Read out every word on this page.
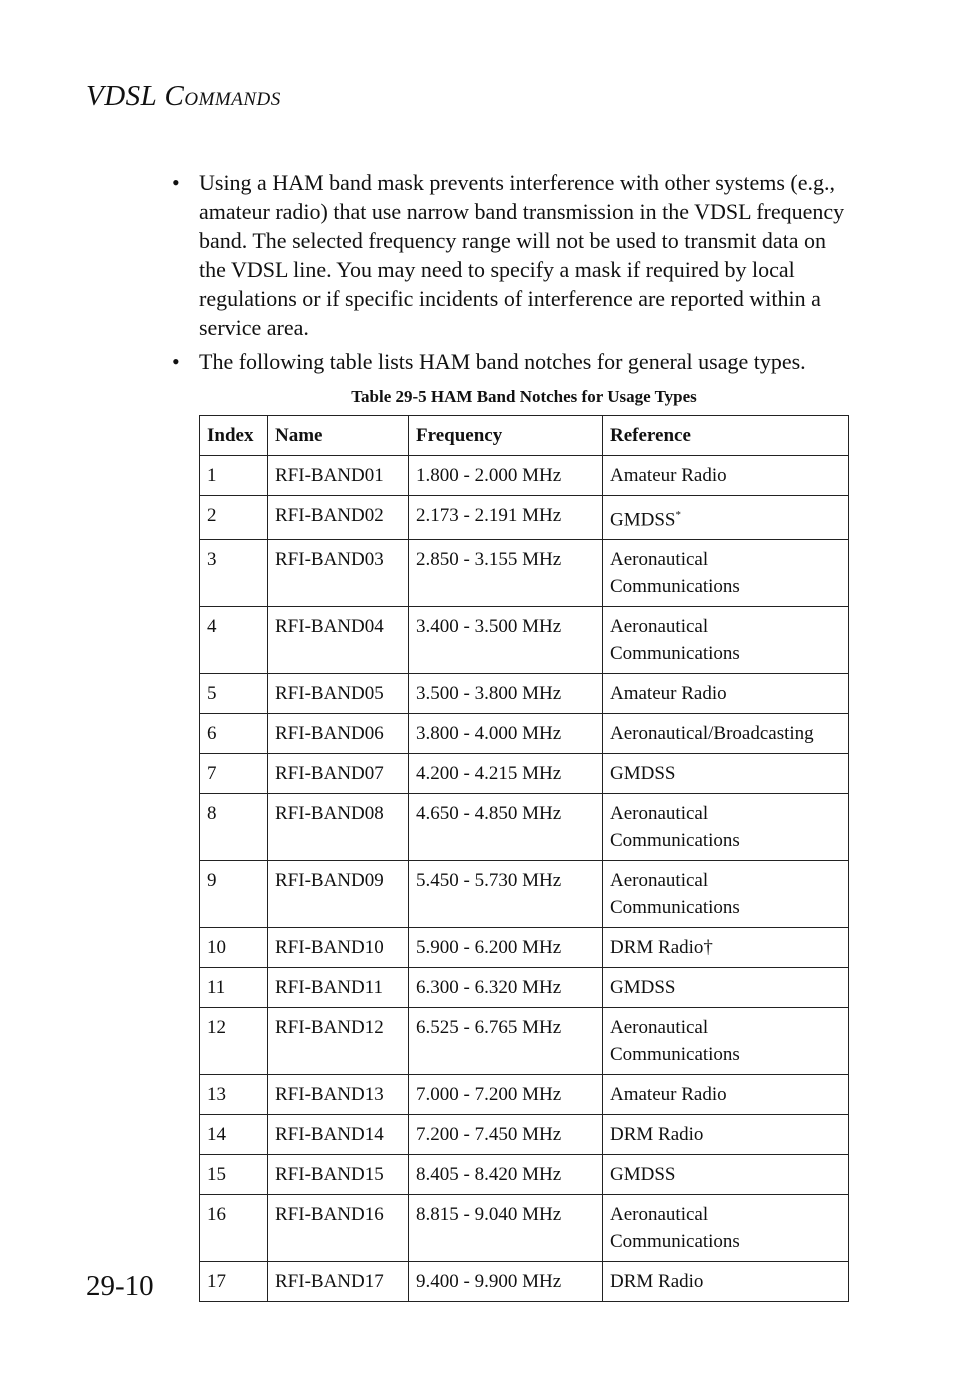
VDSL COMMANDS
• Using a HAM band mask prevents interference with other systems (e.g., amateur radio) that use narrow band transmission in the VDSL frequency band. The selected frequency range will not be used to transmit data on the VDSL line. You may need to specify a mask if required by local regulations or if specific incidents of interference are reported within a service area.
• The following table lists HAM band notches for general usage types.
Table 29-5 HAM Band Notches for Usage Types
Index	Name	Frequency	Reference
1	RFI-BAND01	1.800 - 2.000 MHz	Amateur Radio
2	RFI-BAND02	2.173 - 2.191 MHz	GMDSS*
3	RFI-BAND03	2.850 - 3.155 MHz	Aeronautical Communications
4	RFI-BAND04	3.400 - 3.500 MHz	Aeronautical Communications
5	RFI-BAND05	3.500 - 3.800 MHz	Amateur Radio
6	RFI-BAND06	3.800 - 4.000 MHz	Aeronautical/Broadcasting
7	RFI-BAND07	4.200 - 4.215 MHz	GMDSS
8	RFI-BAND08	4.650 - 4.850 MHz	Aeronautical Communications
9	RFI-BAND09	5.450 - 5.730 MHz	Aeronautical Communications
10	RFI-BAND10	5.900 - 6.200 MHz	DRM Radio†
11	RFI-BAND11	6.300 - 6.320 MHz	GMDSS
12	RFI-BAND12	6.525 - 6.765 MHz	Aeronautical Communications
13	RFI-BAND13	7.000 - 7.200 MHz	Amateur Radio
14	RFI-BAND14	7.200 - 7.450 MHz	DRM Radio
15	RFI-BAND15	8.405 - 8.420 MHz	GMDSS
16	RFI-BAND16	8.815 - 9.040 MHz	Aeronautical Communications
17	RFI-BAND17	9.400 - 9.900 MHz	DRM Radio
29-10
